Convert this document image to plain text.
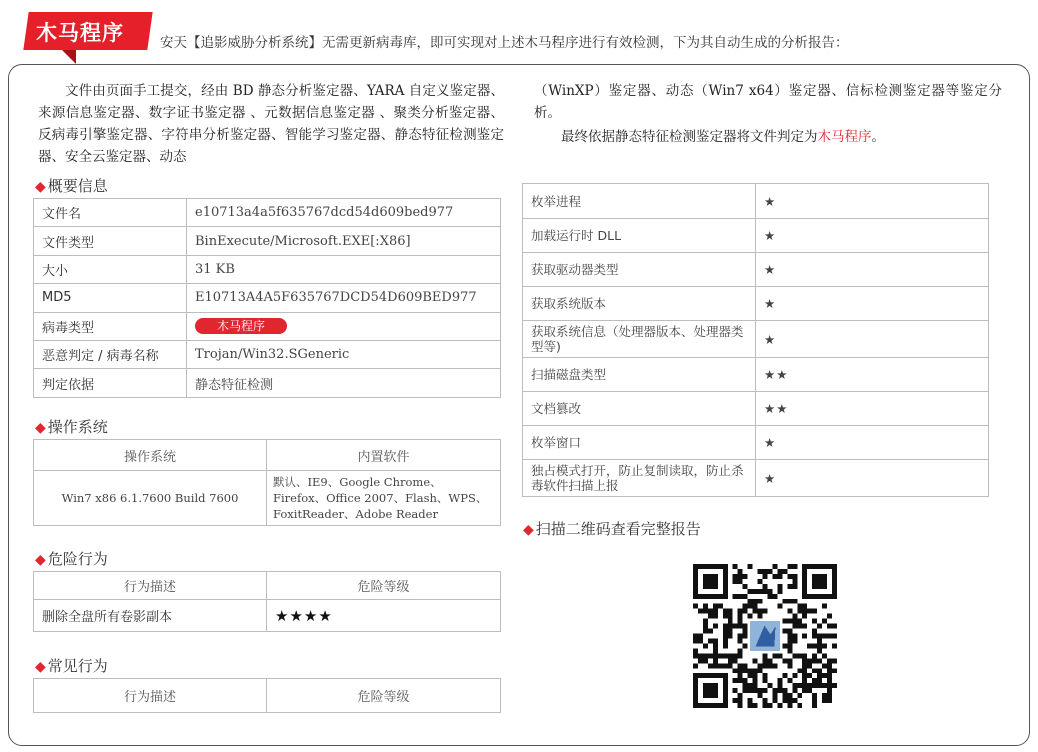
木马程序	安天【追影威胁分析系统】无需更新病毒库，即可实现对上述木马程序进行有效检测，下为其自动生成的分析报告：
文件由页面手工提交，经由 BD 静态分析鉴定器、YARA 自定义鉴定器、来源信息鉴定器、数字证书鉴定器 、元数据信息鉴定器 、聚类分析鉴定器、反病毒引擎鉴定器、字符串分析鉴定器、智能学习鉴定器、静态特征检测鉴定器、安全云鉴定器、动态
（WinXP）鉴定器、动态（Win7 x64）鉴定器、信标检测鉴定器等鉴定分析。
最终依据静态特征检测鉴定器将文件判定为木马程序。
◆ 概要信息
文件名	e10713a4a5f635767dcd54d609bed977
文件类型	BinExecute/Microsoft.EXE[:X86]
大小	31 KB
MD5	E10713A4A5F635767DCD54D609BED977
病毒类型	木马程序
恶意判定 / 病毒名称	Trojan/Win32.SGeneric
判定依据	静态特征检测
◆ 操作系统
操作系统	内置软件
Win7 x86 6.1.7600 Build 7600	默认、IE9、Google Chrome、Firefox、Office 2007、Flash、WPS、FoxitReader、Adobe Reader
◆ 危险行为
行为描述	危险等级
删除全盘所有卷影副本	★★★★
◆ 常见行为
行为描述	危险等级
枚举进程	★
加载运行时 DLL	★
获取驱动器类型	★
获取系统版本	★
获取系统信息（处理器版本、处理器类型等)	★
扫描磁盘类型	★★
文档篡改	★★
枚举窗口	★
独占模式打开，防止复制读取，防止杀毒软件扫描上报	★
◆ 扫描二维码查看完整报告
